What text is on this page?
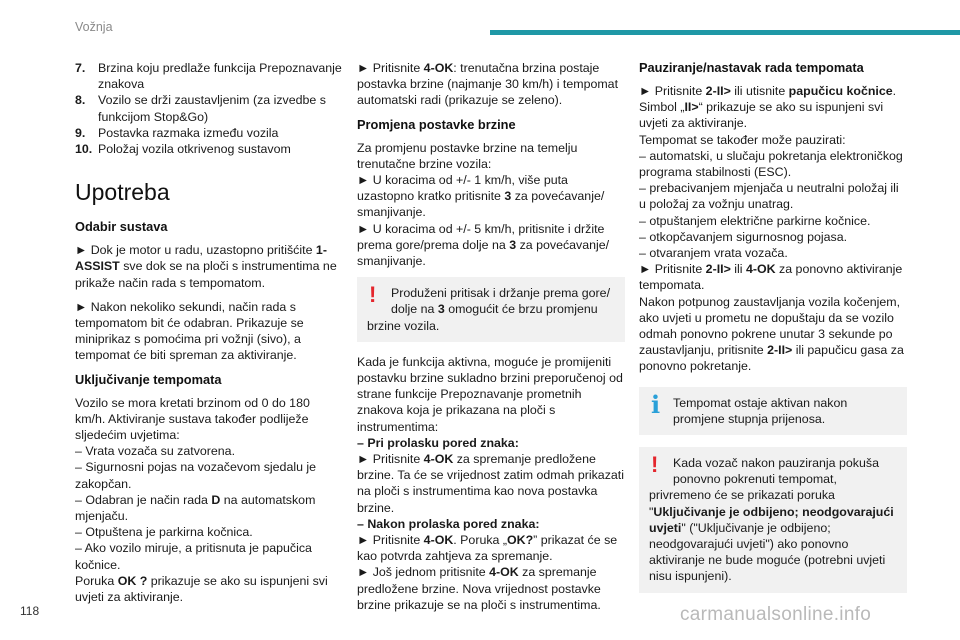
Vožnja
7.	Brzina koju predlaže funkcija Prepoznavanje znakova
8.	Vozilo se drži zaustavljenim (za izvedbe s funkcijom Stop&Go)
9.	Postavka razmaka između vozila
10. Položaj vozila otkrivenog sustavom
Upotreba
Odabir sustava

► Dok je motor u radu, uzastopno pritišćite 1-ASSIST sve dok se na ploči s instrumentima ne prikaže način rada s tempomatom.

► Nakon nekoliko sekundi, način rada s tempomatom bit će odabran. Prikazuje se miniprikaz s pomoćima pri vožnji (sivo), a tempomat će biti spreman za aktiviranje.

Uključivanje tempomata
Vozilo se mora kretati brzinom od 0 do 180 km/h. Aktiviranje sustava također podliježe sljedećim uvjetima:
– Vrata vozača su zatvorena.
– Sigurnosni pojas na vozačevom sjedalu je zakopčan.
– Odabran je način rada D na automatskom mjenjaču.
– Otpuštena je parkirna kočnica.
– Ako vozilo miruje, a pritisnuta je papučica kočnice.
Poruka OK ? prikazuje se ako su ispunjeni svi uvjeti za aktiviranje.

► Pritisnite 4-OK: trenutačna brzina postaje postavka brzine (najmanje 30 km/h) i tempomat automatski radi (prikazuje se zeleno).

Promjena postavke brzine
Za promjenu postavke brzine na temelju trenutačne brzine vozila:
► U koracima od +/- 1 km/h, više puta uzastopno kratko pritisnite 3 za povećavanje/ smanjivanje.
► U koracima od +/- 5 km/h, pritisnite i držite prema gore/prema dolje na 3 za povećavanje/ smanjivanje.
! Produženi pritisak i držanje prema gore/ dolje na 3 omogućit će brzu promjenu
brzine vozila.
Kada je funkcija aktivna, moguće je promijeniti postavku brzine sukladno brzini preporučenoj od strane funkcije Prepoznavanje prometnih znakova koja je prikazana na ploči s instrumentima:
– Pri prolasku pored znaka:
► Pritisnite 4-OK za spremanje predložene brzine. Ta će se vrijednost zatim odmah prikazati na ploči s instrumentima kao nova postavka brzine.
– Nakon prolaska pored znaka:
► Pritisnite 4-OK. Poruka „OK?” prikazat će se kao potvrda zahtjeva za spremanje.
► Još jednom pritisnite 4-OK za spremanje predložene brzine. Nova vrijednost postavke brzine prikazuje se na ploči s instrumentima.
Pauziranje/nastavak rada tempomata
► Pritisnite 2-II> ili utisnite papučicu kočnice.
Simbol „II>“ prikazuje se ako su ispunjeni svi uvjeti za aktiviranje.
Tempomat se također može pauzirati:
– automatski, u slučaju pokretanja elektroničkog programa stabilnosti (ESC).
– prebacivanjem mjenjača u neutralni položaj ili u položaj za vožnju unatrag.
– otpuštanjem električne parkirne kočnice.
– otkopčavanjem sigurnosnog pojasa.
– otvaranjem vrata vozača.
► Pritisnite 2-II> ili 4-OK za ponovno aktiviranje tempomata.
Nakon potpunog zaustavljanja vozila kočenjem, ako uvjeti u prometu ne dopuštaju da se vozilo odmah ponovno pokrene unutar 3 sekunde po zaustavljanju, pritisnite 2-II> ili papučicu gasa za ponovno pokretanje.
i Tempomat ostaje aktivan nakon promjene stupnja prijenosa.
! Kada vozač nakon pauziranja pokuša ponovno pokrenuti tempomat,
privremeno će se prikazati poruka "Uključivanje je odbijeno; neodgovarajući uvjeti" ("Uključivanje je odbijeno; neodgovarajući uvjeti") ako ponovno aktiviranje ne bude moguće (potrebni uvjeti nisu ispunjeni).
118	carmanualsonline.info
